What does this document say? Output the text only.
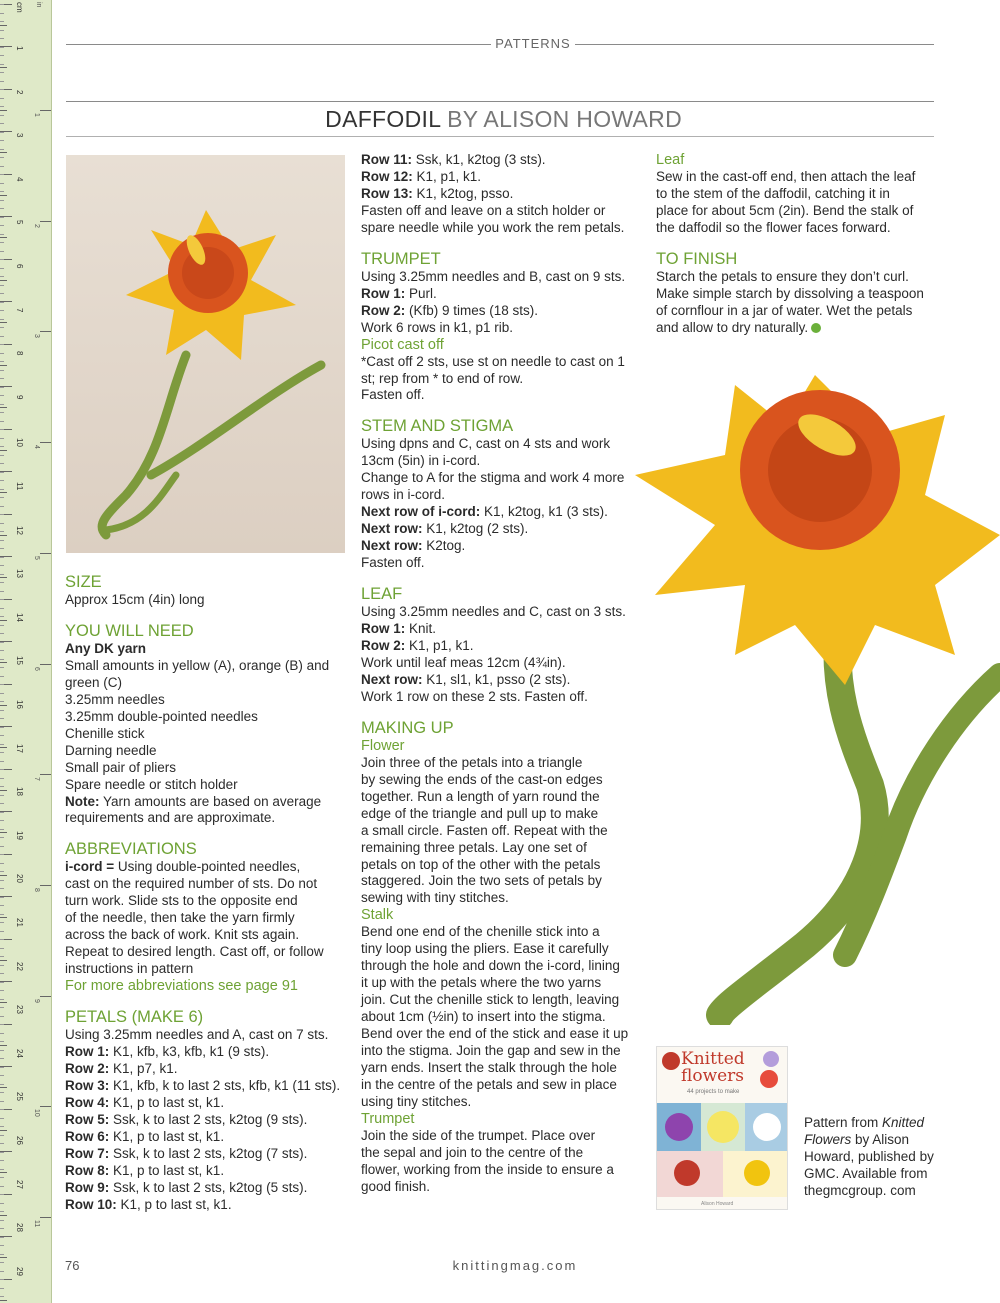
cm in
1
2
3
4
5
6
7
8
9
10
11
12
13
14
15
16
17
18
19
20
21
22
23
24
25
26
27
28
29
1
2
3
4
5
6
7
8
9
10
11
PATTERNS
DAFFODIL BY ALISON HOWARD
SIZE
Approx 15cm (4in) long
YOU WILL NEED
Any DK yarn
Small amounts in yellow (A), orange (B) and
green (C)
3.25mm needles
3.25mm double-pointed needles
Chenille stick
Darning needle
Small pair of pliers
Spare needle or stitch holder
Note: Yarn amounts are based on average
requirements and are approximate.
ABBREVIATIONS
i-cord = Using double-pointed needles,
cast on the required number of sts. Do not
turn work. Slide sts to the opposite end
of the needle, then take the yarn firmly
across the back of work. Knit sts again.
Repeat to desired length. Cast off, or follow
instructions in pattern
For more abbreviations see page 91
PETALS (MAKE 6)
Using 3.25mm needles and A, cast on 7 sts.
Row 1: K1, kfb, k3, kfb, k1 (9 sts).
Row 2: K1, p7, k1.
Row 3: K1, kfb, k to last 2 sts, kfb, k1 (11 sts).
Row 4: K1, p to last st, k1.
Row 5: Ssk, k to last 2 sts, k2tog (9 sts).
Row 6: K1, p to last st, k1.
Row 7: Ssk, k to last 2 sts, k2tog (7 sts).
Row 8: K1, p to last st, k1.
Row 9: Ssk, k to last 2 sts, k2tog (5 sts).
Row 10: K1, p to last st, k1.
Row 11: Ssk, k1, k2tog (3 sts).
Row 12: K1, p1, k1.
Row 13: K1, k2tog, psso.
Fasten off and leave on a stitch holder or
spare needle while you work the rem petals.
TRUMPET
Using 3.25mm needles and B, cast on 9 sts.
Row 1: Purl.
Row 2: (Kfb) 9 times (18 sts).
Work 6 rows in k1, p1 rib.
Picot cast off
*Cast off 2 sts, use st on needle to cast on 1
st; rep from * to end of row.
Fasten off.
STEM AND STIGMA
Using dpns and C, cast on 4 sts and work
13cm (5in) in i-cord.
Change to A for the stigma and work 4 more
rows in i-cord.
Next row of i-cord: K1, k2tog, k1 (3 sts).
Next row: K1, k2tog (2 sts).
Next row: K2tog.
Fasten off.
LEAF
Using 3.25mm needles and C, cast on 3 sts.
Row 1: Knit.
Row 2: K1, p1, k1.
Work until leaf meas 12cm (4¾in).
Next row: K1, sl1, k1, psso (2 sts).
Work 1 row on these 2 sts. Fasten off.
MAKING UP
Flower
Join three of the petals into a triangle
by sewing the ends of the cast-on edges
together. Run a length of yarn round the
edge of the triangle and pull up to make
a small circle. Fasten off. Repeat with the
remaining three petals. Lay one set of
petals on top of the other with the petals
staggered. Join the two sets of petals by
sewing with tiny stitches.
Stalk
Bend one end of the chenille stick into a
tiny loop using the pliers. Ease it carefully
through the hole and down the i-cord, lining
it up with the petals where the two yarns
join. Cut the chenille stick to length, leaving
about 1cm (½in) to insert into the stigma.
Bend over the end of the stick and ease it up
into the stigma. Join the gap and sew in the
yarn ends. Insert the stalk through the hole
in the centre of the petals and sew in place
using tiny stitches.
Trumpet
Join the side of the trumpet. Place over
the sepal and join to the centre of the
flower, working from the inside to ensure a
good finish.
Leaf
Sew in the cast-off end, then attach the leaf
to the stem of the daffodil, catching it in
place for about 5cm (2in). Bend the stalk of
the daffodil so the flower faces forward.
TO FINISH
Starch the petals to ensure they don’t curl.
Make simple starch by dissolving a teaspoon
of cornflour in a jar of water. Wet the petals
and allow to dry naturally.
Knitted
flowers
44 projects to make
Alison Howard
Pattern from Knitted Flowers by Alison Howard, published by GMC. Available from thegmcgroup. com
76	knittingmag.com
